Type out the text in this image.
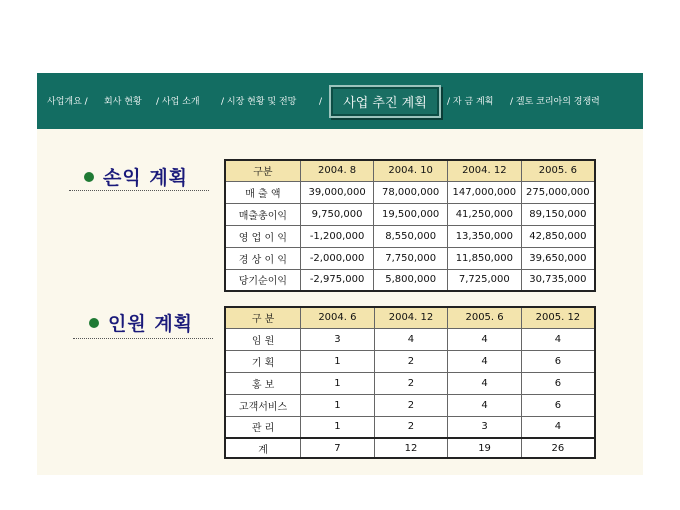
사업개요 / 회사 현황 / 사업 소개 / 시장 현황 및 전망	/	사업 추진 계획	/ 자 금 계획 / 겔토 코리아의 경쟁력
손익 계획	구분	2004. 8	2004. 10	2004. 12	2005. 6
매 출 액	39,000,000	78,000,000	147,000,000	275,000,000
매출총이익	9,750,000	19,500,000	41,250,000	89,150,000
영 업 이 익	-1,200,000	8,550,000	13,350,000	42,850,000
경 상 이 익	-2,000,000	7,750,000	11,850,000	39,650,000
당기순이익	-2,975,000	5,800,000	7,725,000	30,735,000
인원 계획	구 분	2004. 6	2004. 12	2005. 6	2005. 12
임 원	3	4	4	4
기 획	1	2	4	6
홍 보	1	2	4	6
고객서비스	1	2	4	6
관 리	1	2	3	4
계	7	12	19	26
